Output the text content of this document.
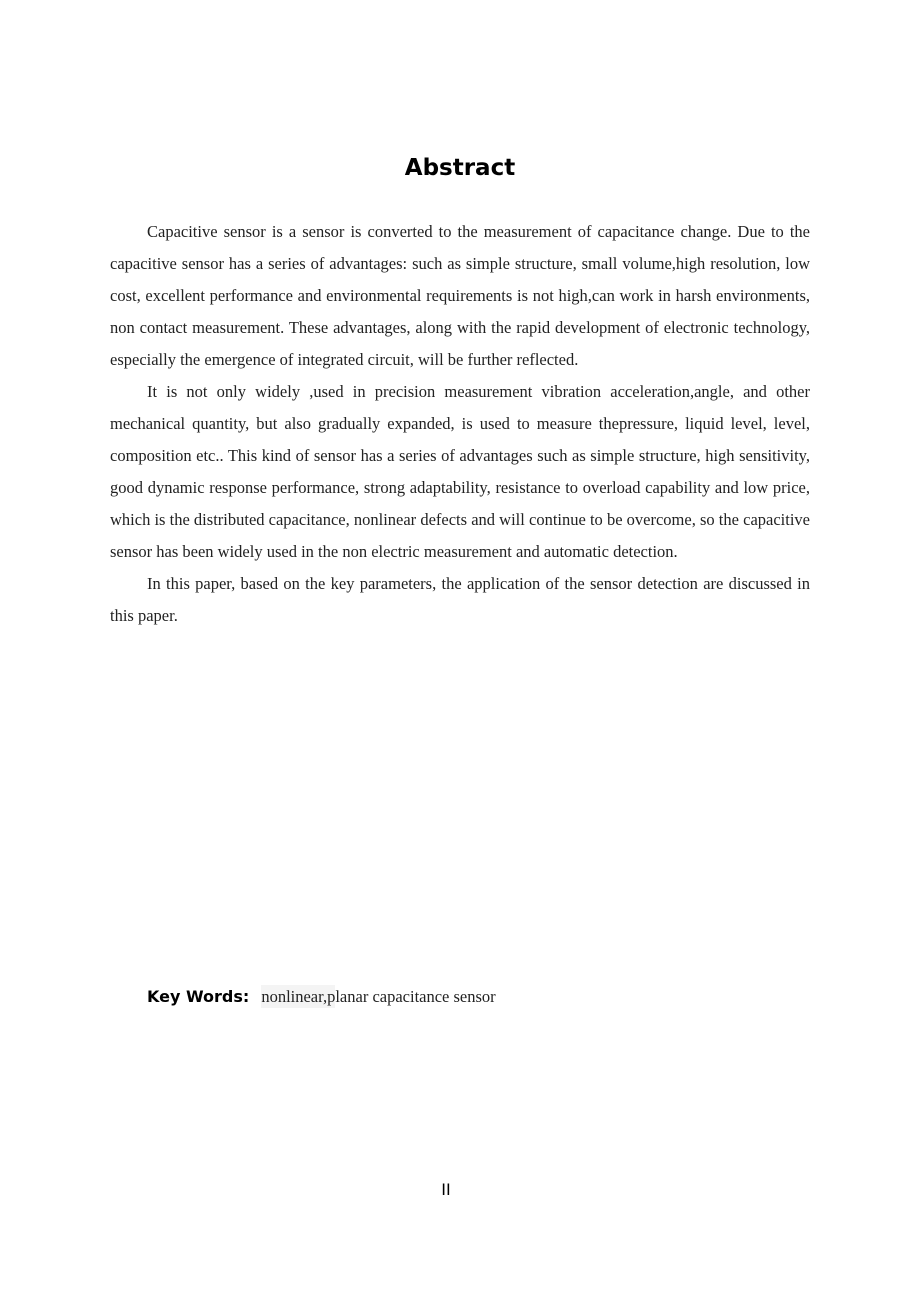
Abstract

Capacitive sensor is a sensor is converted to the measurement of capacitance change. Due to the capacitive sensor has a series of advantages: such as simple structure, small volume,high resolution, low cost, excellent performance and environmental requirements is not high,can work in harsh environments, non contact measurement. These advantages, along with the rapid development of electronic technology, especially the emergence of integrated circuit, will be further reflected.

It is not only widely ,used in precision measurement vibration acceleration,angle, and other mechanical quantity, but also gradually expanded, is used to measure thepressure, liquid level, level, composition etc.. This kind of sensor has a series of advantages such as simple structure, high sensitivity, good dynamic response performance, strong adaptability, resistance to overload capability and low price, which is the distributed capacitance, nonlinear defects and will continue to be overcome, so the capacitive sensor has been widely used in the non electric measurement and automatic detection.

In this paper, based on the key parameters, the application of the sensor detection are discussed in this paper.

Key Words: nonlinear,planar capacitance sensor
II
